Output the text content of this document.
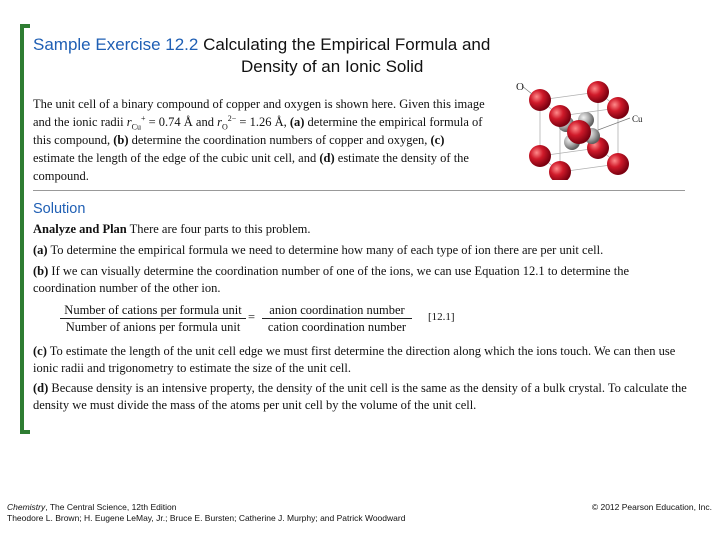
Sample Exercise 12.2 Calculating the Empirical Formula and
Density of an Ionic Solid
The unit cell of a binary compound of copper and oxygen is shown here. Given this image and the ionic radii $r_{Cu}^+ = 0.74$ Å and $r_O^{2-} = 1.26$ Å, (a) determine the empirical formula of this compound, (b) determine the coordination numbers of copper and oxygen, (c) estimate the length of the edge of the cubic unit cell, and (d) estimate the density of the compound.
O
Cu
Solution
Analyze and Plan There are four parts to this problem.
(a) To determine the empirical formula we need to determine how many of each type of ion there are per unit cell.
(b) If we can visually determine the coordination number of one of the ions, we can use Equation 12.1 to determine the coordination number of the other ion.
Number of cations per formula unit
Number of anions per formula unit
=	anion coordination number
cation coordination number
[12.1]
(c) To estimate the length of the unit cell edge we must first determine the direction along which the ions touch. We can then use ionic radii and trigonometry to estimate the size of the unit cell.
(d) Because density is an intensive property, the density of the unit cell is the same as the density of a bulk crystal. To calculate the density we must divide the mass of the atoms per unit cell by the volume of the unit cell.
Chemistry, The Central Science, 12th Edition
Theodore L. Brown; H. Eugene LeMay, Jr.; Bruce E. Bursten; Catherine J. Murphy; and Patrick Woodward
© 2012 Pearson Education, Inc.
